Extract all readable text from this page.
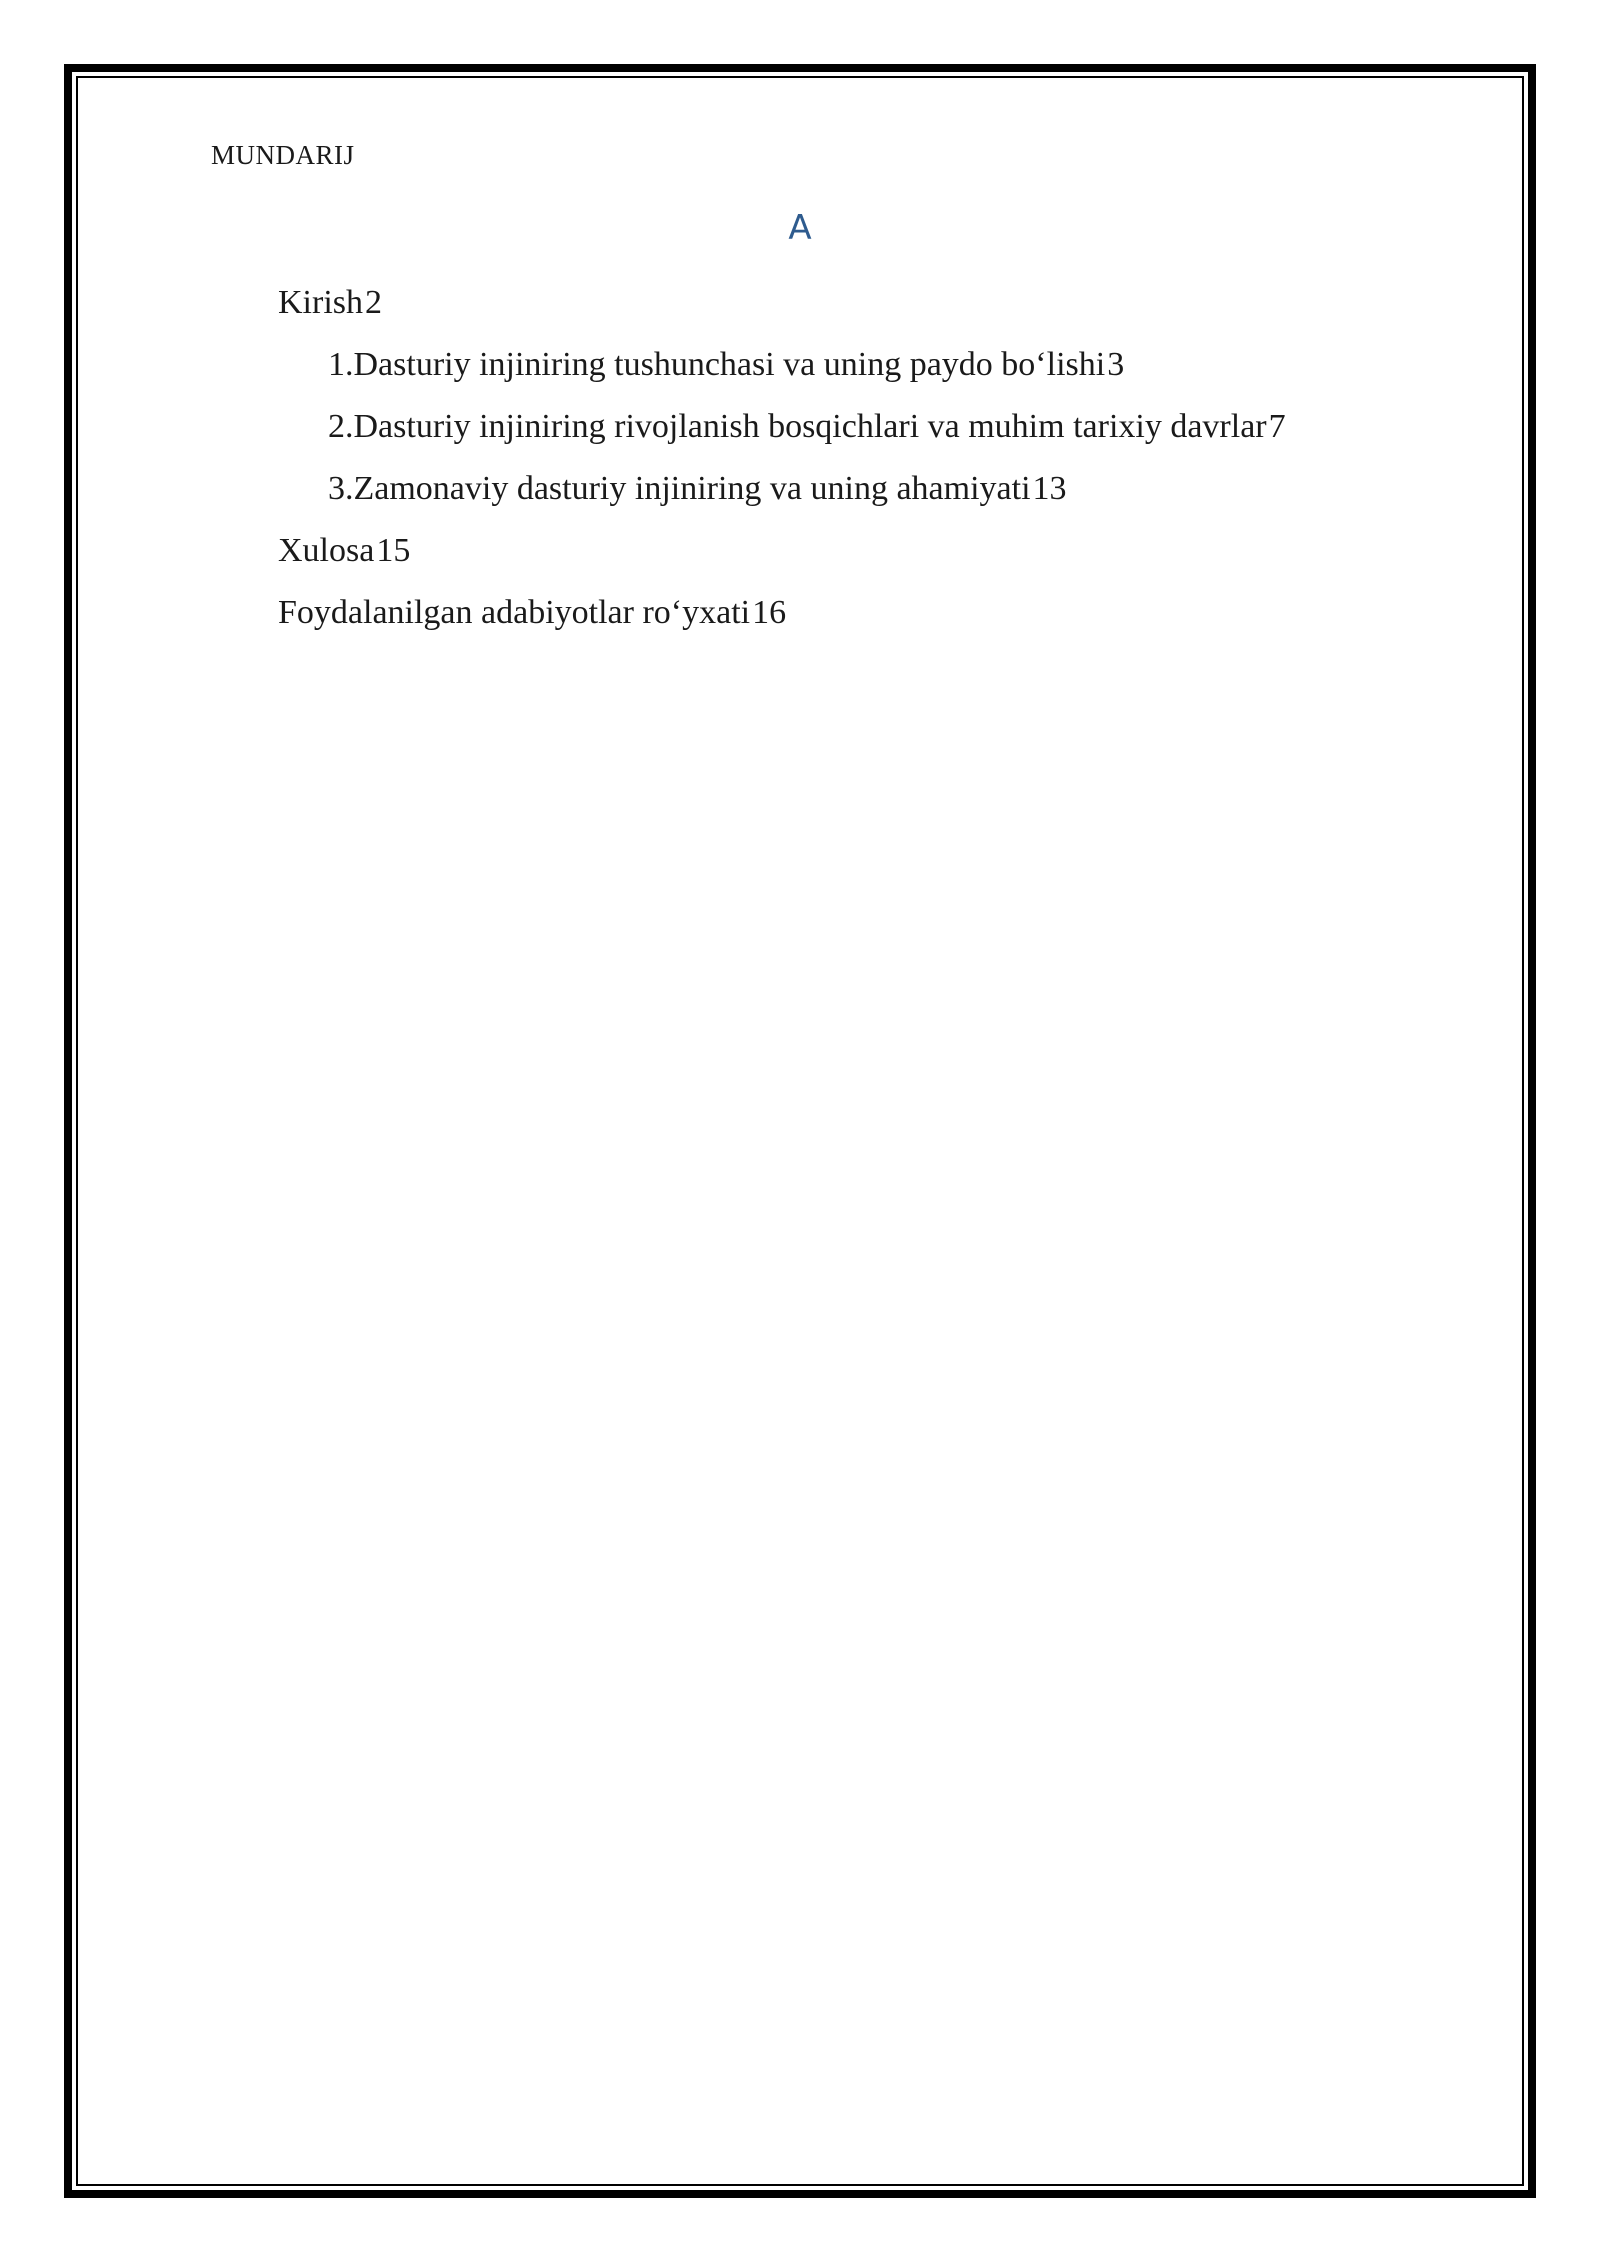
MUNDARIJ
A
Kirish 2
1. Dasturiy injiniring tushunchasi va uning paydo bo‘lishi 3
2. Dasturiy injiniring rivojlanish bosqichlari va muhim tarixiy davrlar 7
3. Zamonaviy dasturiy injiniring va uning ahamiyati 13
Xulosa 15
Foydalanilgan adabiyotlar ro‘yxati 16
